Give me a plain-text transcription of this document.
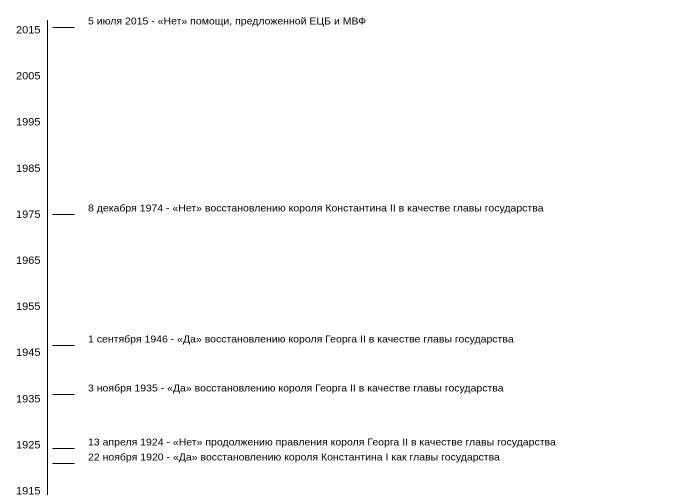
1915
1925
1935
1945
1955
1965
1975
1985
1995
2005
2015
5 июля 2015 - «Нет» помощи, предложенной ЕЦБ и МВФ
8 декабря 1974 - «Нет» восстановлению короля Константина II в качестве главы государства
1 сентября 1946 - «Да» восстановлению короля Георга II в качестве главы государства
3 ноября 1935 - «Да» восстановлению короля Георга II в качестве главы государства
13 апреля 1924 - «Нет» продолжению правления короля Георга II в качестве главы государства
22 ноября 1920 - «Да» восстановлению короля Константина I как главы государства
